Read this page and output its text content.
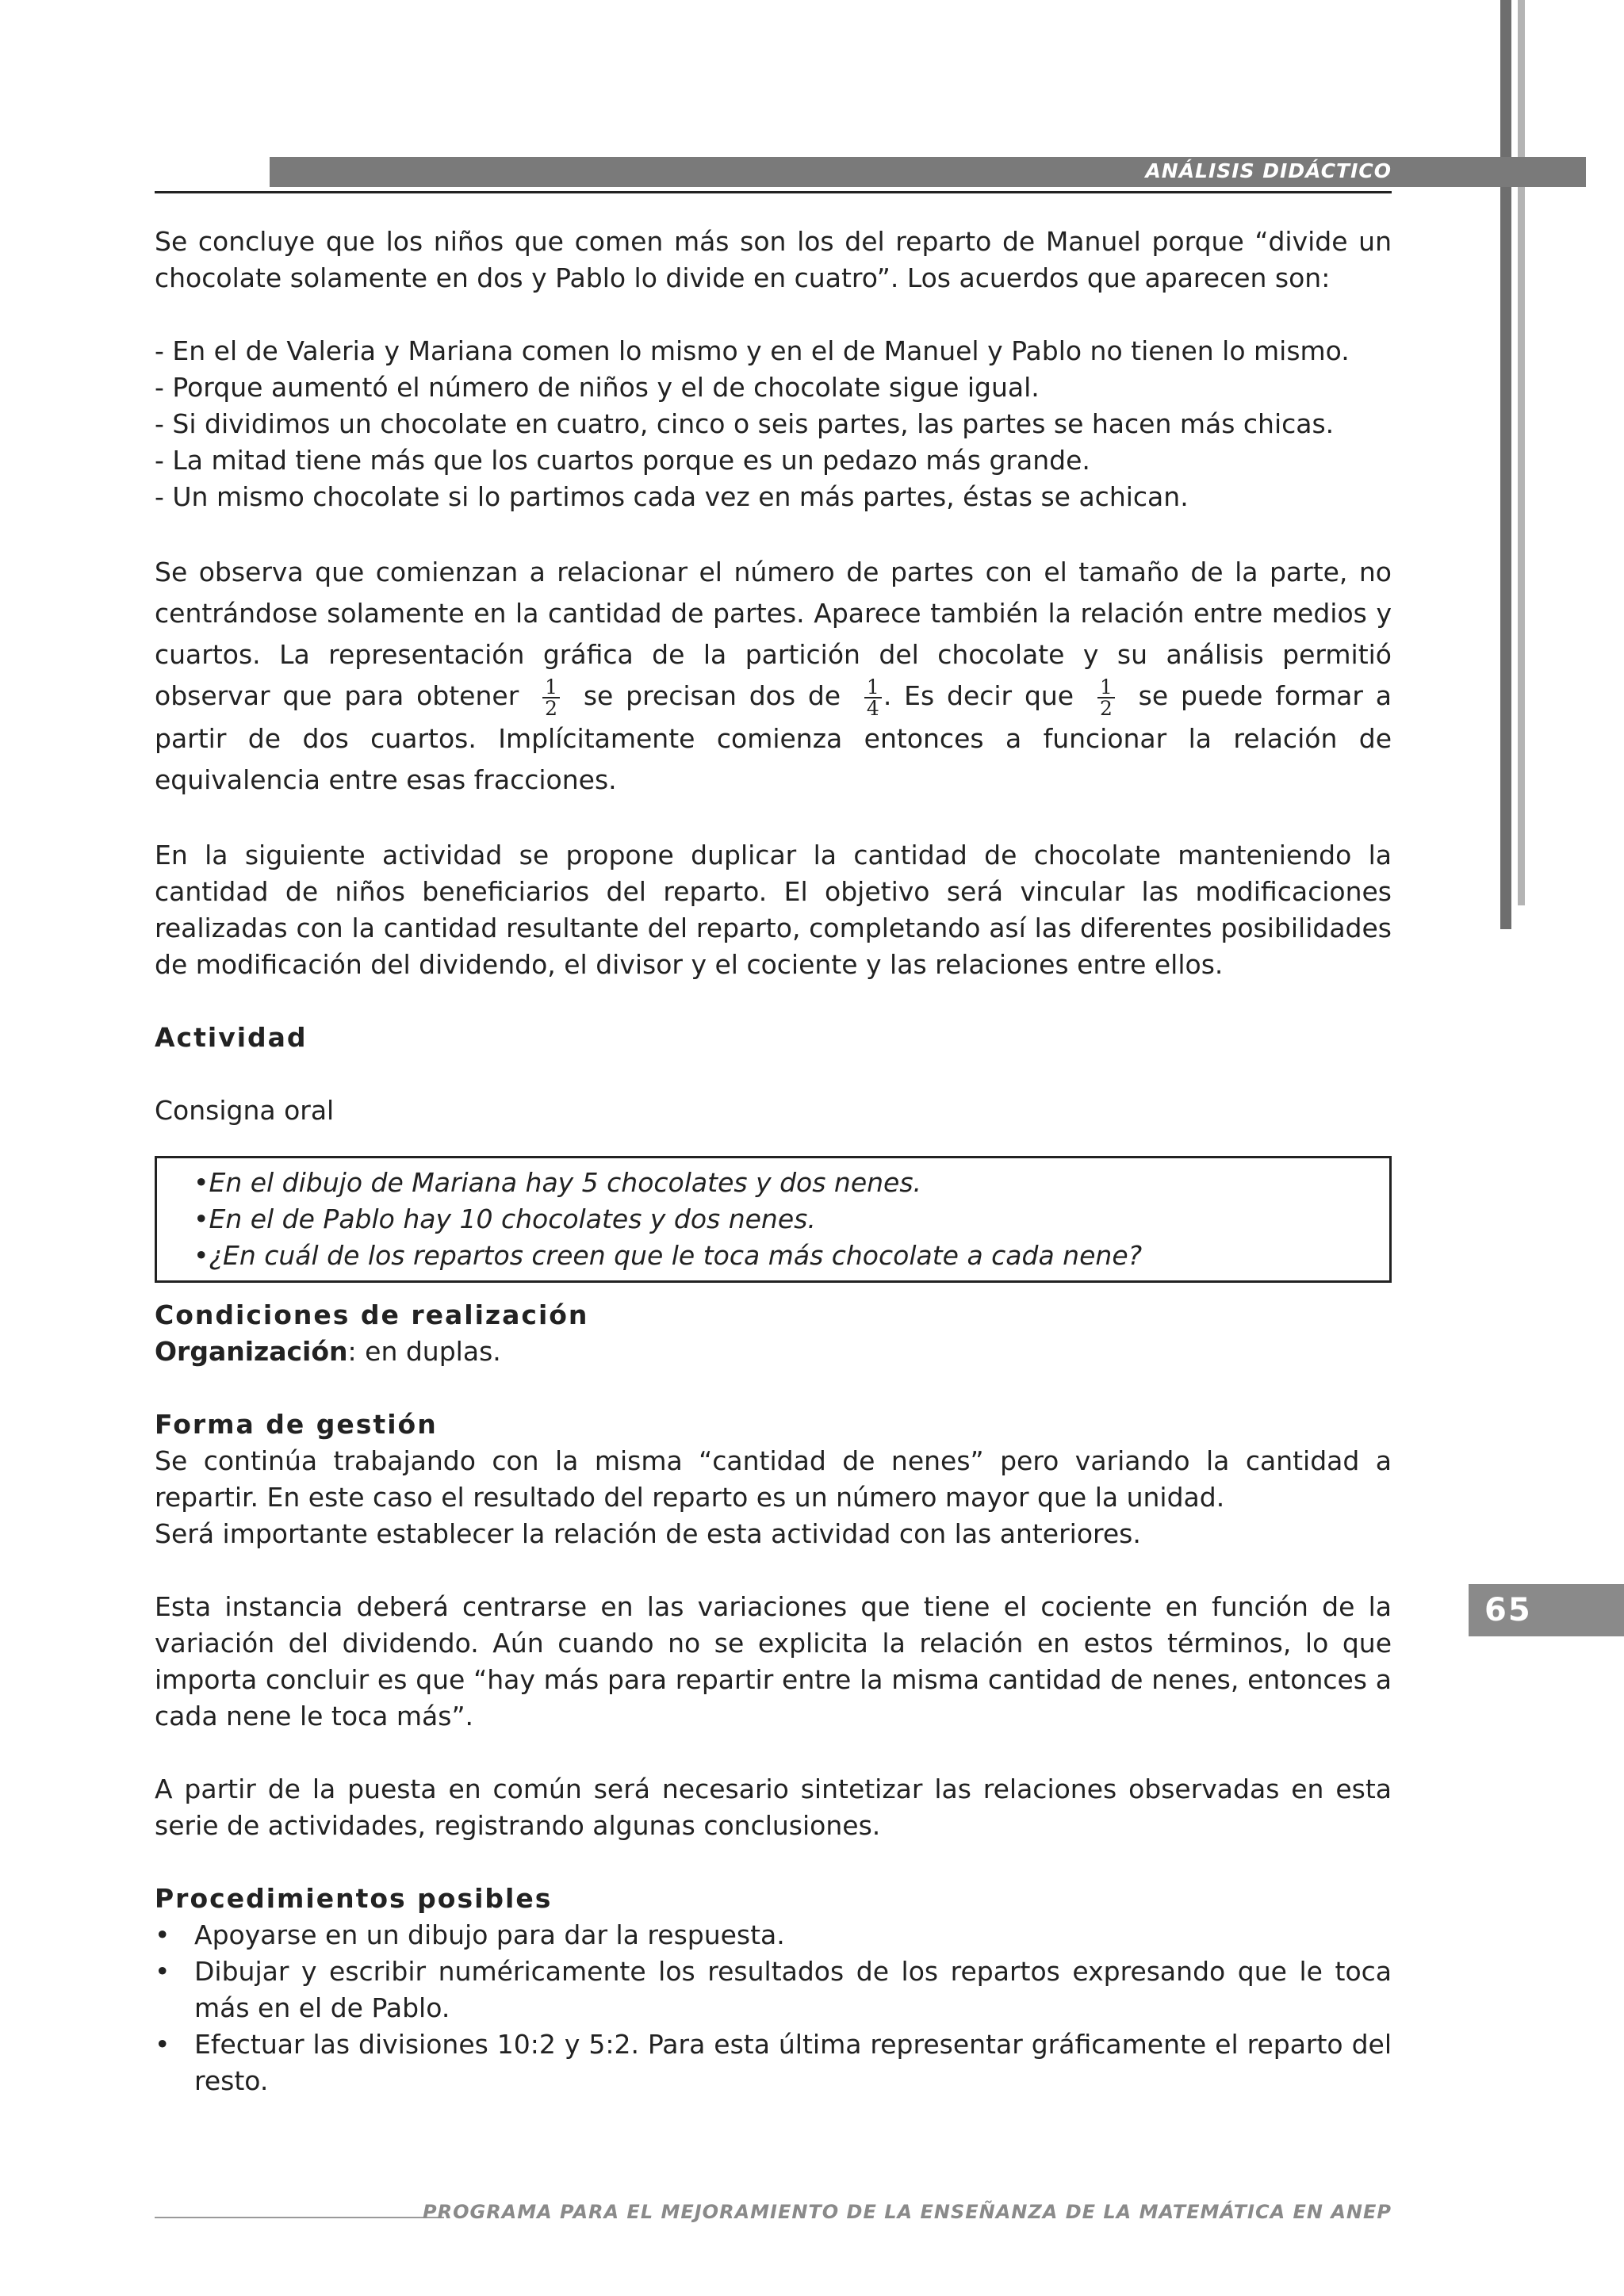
ANÁLISIS DIDÁCTICO

Se concluye que los niños que comen más son los del reparto de Manuel porque “divide un chocolate solamente en dos y Pablo lo divide en cuatro”. Los acuerdos que aparecen son:

- En el de Valeria y Mariana comen lo mismo y en el de Manuel y Pablo no tienen lo mismo.

- Porque aumentó el número de niños y el de chocolate sigue igual.

- Si dividimos un chocolate en cuatro, cinco o seis partes, las partes se hacen más chicas.

- La mitad tiene más que los cuartos porque es un pedazo más grande.

- Un mismo chocolate si lo partimos cada vez en más partes, éstas se achican.

Se observa que comienzan a relacionar el número de partes con el tamaño de la parte, no centrándose solamente en la cantidad de partes. Aparece también la relación entre medios y cuartos. La representación gráfica de la partición del chocolate y su análisis permitió observar que para obtener $\frac{1}{2}$ se precisan dos de $\frac{1}{4}$ . Es decir que $\frac{1}{2}$ se puede formar a partir de dos cuartos. Implícitamente comienza entonces a funcionar la relación de equivalencia entre esas fracciones.

En la siguiente actividad se propone duplicar la cantidad de chocolate manteniendo la cantidad de niños beneficiarios del reparto. El objetivo será vincular las modificaciones realizadas con la cantidad resultante del reparto, completando así las diferentes posibilidades de modificación del dividendo, el divisor y el cociente y las relaciones entre ellos.

Actividad

Consigna oral

•En el dibujo de Mariana hay 5 chocolates y dos nenes.

•En el de Pablo hay 10 chocolates y dos nenes.

•¿En cuál de los repartos creen que le toca más chocolate a cada nene?

Condiciones de realización

Organización: en duplas.

Forma de gestión

Se continúa trabajando con la misma “cantidad de nenes” pero variando la cantidad a repartir. En este caso el resultado del reparto es un número mayor que la unidad.

Será importante establecer la relación de esta actividad con las anteriores.

Esta instancia deberá centrarse en las variaciones que tiene el cociente en función de la variación del dividendo. Aún cuando no se explicita la relación en estos términos, lo que importa concluir es que “hay más para repartir entre la misma cantidad de nenes, entonces a cada nene le toca más”.

A partir de la puesta en común será necesario sintetizar las relaciones observadas en esta serie de actividades, registrando algunas conclusiones.

Procedimientos posibles

• Apoyarse en un dibujo para dar la respuesta.
• Dibujar y escribir numéricamente los resultados de los repartos expresando que le toca más en el de Pablo.
• Efectuar las divisiones 10:2 y 5:2. Para esta última representar gráficamente el reparto del resto.
65
PROGRAMA PARA EL MEJORAMIENTO DE LA ENSEÑANZA DE LA MATEMÁTICA EN ANEP
